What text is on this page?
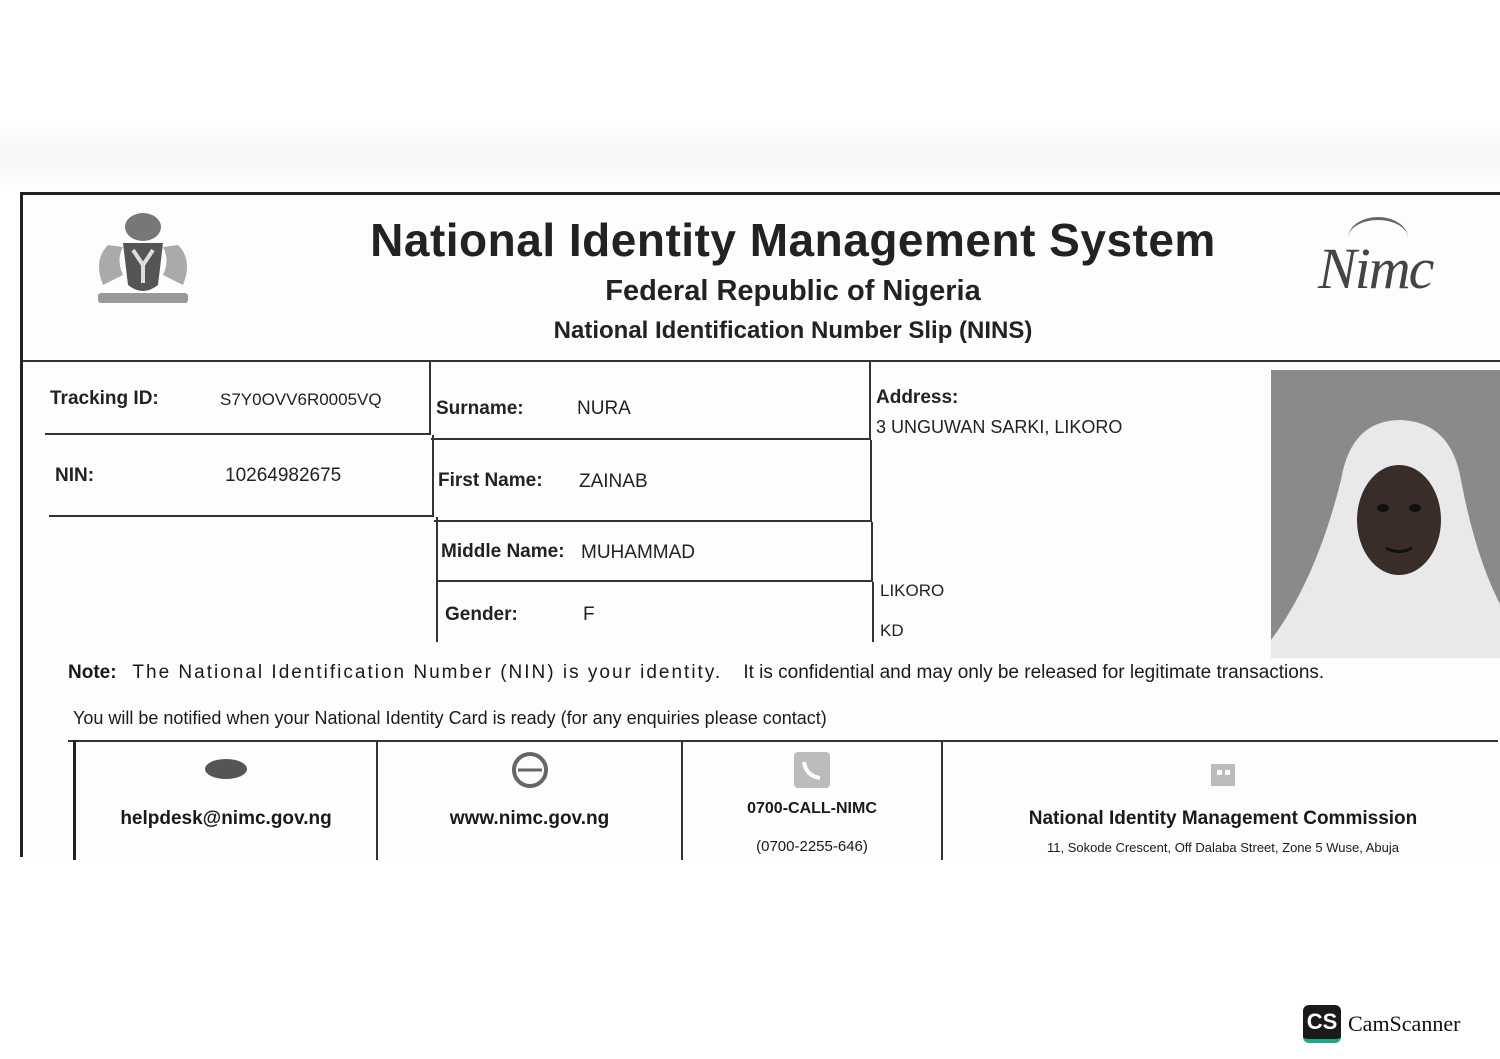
National Identity Management System
Federal Republic of Nigeria
National Identification Number Slip (NINS)
Nimc
Tracking ID:	S7Y0OVV6R0005VQ
NIN:	10264982675
Surname:	NURA
First Name: ZAINAB
Middle Name: MUHAMMAD
Gender:	F
Address:
3 UNGUWAN SARKI, LIKORO
LIKORO
KD
Note: The National Identification Number (NIN) is your identity. It is confidential and may only be released for legitimate transactions.
You will be notified when your National Identity Card is ready (for any enquiries please contact)
helpdesk@nimc.gov.ng	www.nimc.gov.ng	0700-CALL-NIMC
(0700-2255-646)
National Identity Management Commission
11, Sokode Crescent, Off Dalaba Street, Zone 5 Wuse, Abuja
CS CamScanner
